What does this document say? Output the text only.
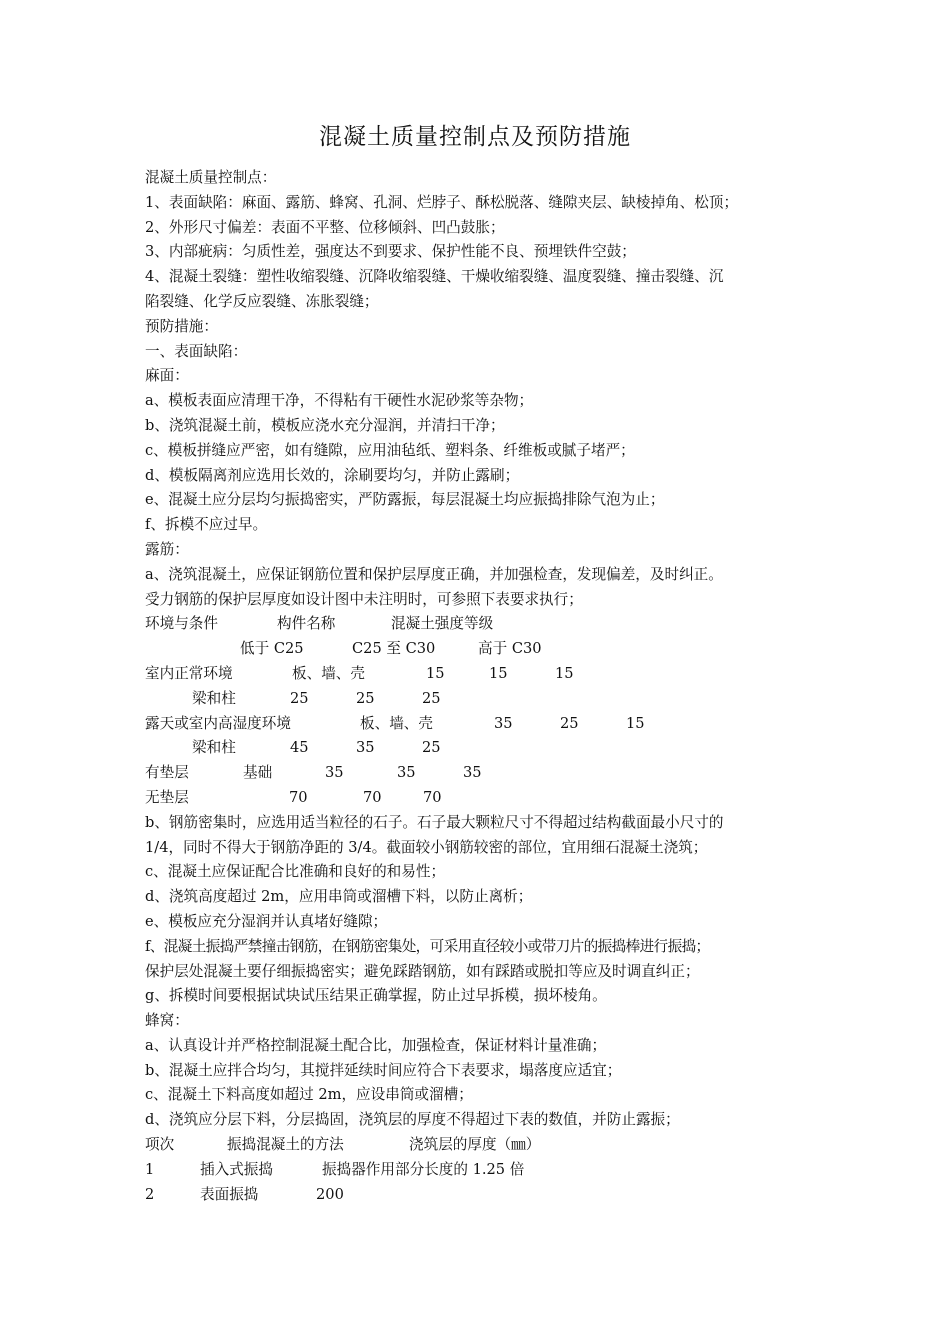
混凝土质量控制点及预防措施
混凝土质量控制点：
1、表面缺陷：麻面、露筋、蜂窝、孔洞、烂脖子、酥松脱落、缝隙夹层、缺棱掉角、松顶；
2、外形尺寸偏差：表面不平整、位移倾斜、凹凸鼓胀；
3、内部疵病：匀质性差，强度达不到要求、保护性能不良、预埋铁件空鼓；
4、混凝土裂缝：塑性收缩裂缝、沉降收缩裂缝、干燥收缩裂缝、温度裂缝、撞击裂缝、沉
陷裂缝、化学反应裂缝、冻胀裂缝；
预防措施：
一、表面缺陷：
麻面：
a、模板表面应清理干净，不得粘有干硬性水泥砂浆等杂物；
b、浇筑混凝土前，模板应浇水充分湿润，并清扫干净；
c、模板拼缝应严密，如有缝隙，应用油毡纸、塑料条、纤维板或腻子堵严；
d、模板隔离剂应选用长效的，涂刷要均匀，并防止露刷；
e、混凝土应分层均匀振捣密实，严防露振，每层混凝土均应振捣排除气泡为止；
f、拆模不应过早。
露筋：
a、浇筑混凝土，应保证钢筋位置和保护层厚度正确，并加强检查，发现偏差，及时纠正。
受力钢筋的保护层厚度如设计图中未注明时，可参照下表要求执行；
环境与条件	构件名称	混凝土强度等级
低于 C25	C25 至 C30	高于 C30
室内正常环境	板、墙、壳	15	15	15
梁和柱	25	25	25
露天或室内高湿度环境	板、墙、壳	35	25	15
梁和柱	45	35	25
有垫层	基础	35	35	35
无垫层	70	70	70
b、钢筋密集时，应选用适当粒径的石子。石子最大颗粒尺寸不得超过结构截面最小尺寸的
1/4，同时不得大于钢筋净距的 3/4。截面较小钢筋较密的部位，宜用细石混凝土浇筑；
c、混凝土应保证配合比准确和良好的和易性；
d、浇筑高度超过 2m，应用串筒或溜槽下料，以防止离析；
e、模板应充分湿润并认真堵好缝隙；
f、混凝土振捣严禁撞击钢筋，在钢筋密集处，可采用直径较小或带刀片的振捣棒进行振捣；
保护层处混凝土要仔细振捣密实；避免踩踏钢筋，如有踩踏或脱扣等应及时调直纠正；
g、拆模时间要根据试块试压结果正确掌握，防止过早拆模，损坏棱角。
蜂窝：
a、认真设计并严格控制混凝土配合比，加强检查，保证材料计量准确；
b、混凝土应拌合均匀，其搅拌延续时间应符合下表要求，塌落度应适宜；
c、混凝土下料高度如超过 2m，应设串筒或溜槽；
d、浇筑应分层下料，分层捣固，浇筑层的厚度不得超过下表的数值，并防止露振；
项次	振捣混凝土的方法	浇筑层的厚度（㎜）
1	插入式振捣	振捣器作用部分长度的 1.25 倍
2	表面振捣	200
